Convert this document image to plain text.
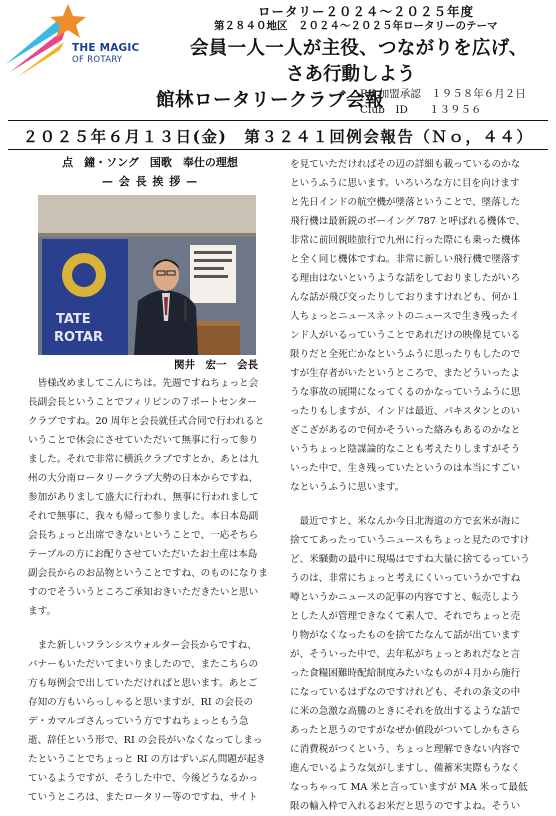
THE MAGIC
OF ROTARY
ロータリー２０２４～２０２５年度
第２８４０地区　２０２４～２０２５年ロータリーのテーマ
会員一人一人が主役、つながりを広げ、
さあ行動しよう
館林ロータリークラブ会報
R.I 加盟承認　１９５８年６月２日
Club　ID　　１３９５６
２０２５年６月１３日(金)　第３２４１回例会報告（Ｎｏ，４４）
点　鐘・ソング　国歌　奉仕の理想
— 会 長 挨 拶 —
TATE
ROTAR
関井　宏一　会長
　皆様改めましてこんにちは。先週ですねちょっと会
長副会長ということでフィリピンの７ポートセンター
クラブですね。20 周年と会長就任式合同で行われると
いうことで休会にさせていただいて無事に行って参り
ました。それで非常に横浜クラブですとか、あとは九
州の大分南ロータリークラブ大勢の日本からですね、
参加がありまして盛大に行われ、無事に行われまして
それで無事に、我々も帰って参りました。本日本島副
会長ちょっと出席できないということで、一応そちら
テーブルの方にお配りさせていただいたお土産は本島
副会長からのお品物ということですね、のものになりま
すのでそういうところご承知おきいただきたいと思い
ます。
　また新しいフランシスウォルター会長からですね、
バナーもいただいてまいりましたので、またこちらの
方も毎例会で出していただければと思います。あとご
存知の方もいらっしゃると思いますが、RI の会長の
デ・カマルゴさんっていう方ですねちょっともう急
逝、辞任という形で、RI の会長がいなくなってしまっ
たということでちょっと RI の方はずいぶん問題が起き
ているようですが、そうした中で、今後どうなるかっ
ていうところは、またロータリー等のですね、サイト
を見ていただければその辺の詳細も載っているのかな
というふうに思います。いろいろな方に目を向けます
と先日インドの航空機が墜落ということで、墜落した
飛行機は最新鋭のボーイング 787 と呼ばれる機体で、
非常に前回親睦旅行で九州に行った際にも乗った機体
と全く同じ機体ですね。非常に新しい飛行機で墜落す
る理由はないというような話をしておりましたがいろ
んな話が飛び交ったりしておりますけれども、何か１
人ちょっとニュースネットのニュースで生き残ったイ
ンド人がいるっていうことであれだけの映像見ている
限りだと全死亡かなというふうに思ったりもしたので
すが生存者がいたというところで、またどういったよ
うな事故の展開になってくるのかなっていうふうに思
ったりもしますが、インドは最近、パキスタンとのい
ざこざがあるので何かそういった絡みもあるのかなと
いうちょっと陰謀論的なことも考えたりしますがそう
いった中で、生き残っていたというのは本当にすごい
なというふうに思います。
　最近ですと、米なんか今日北海道の方で玄米が海に
捨ててあったっていうニュースもちょっと見たのですけ
ど、米騒動の最中に現場はですね大量に捨てるっていう
うのは、非常にちょっと考えにくいっていうかですね
噂というかニュースの記事の内容ですと、転売しよう
とした人が管理できなくて素人で、それでちょっと売
り物がなくなったものを捨てたなんて話が出ています
が、そういった中で、去年私がちょっとあれだなと言
った食糧困難時配給制度みたいなものが４月から施行
になっているはずなのですけれども、それの条文の中
に米の急激な高騰のときにそれを放出するような話で
あったと思うのですがなぜか値段がついてしかもさら
に消費税がつくという、ちょっと理解できない内容で
進んでいるような気がしますし、備蓄米実際もうなく
なっちゃって MA 米と言っていますが MA 米って最低
限の輸入枠で入れるお米だと思うのですよね。そうい
